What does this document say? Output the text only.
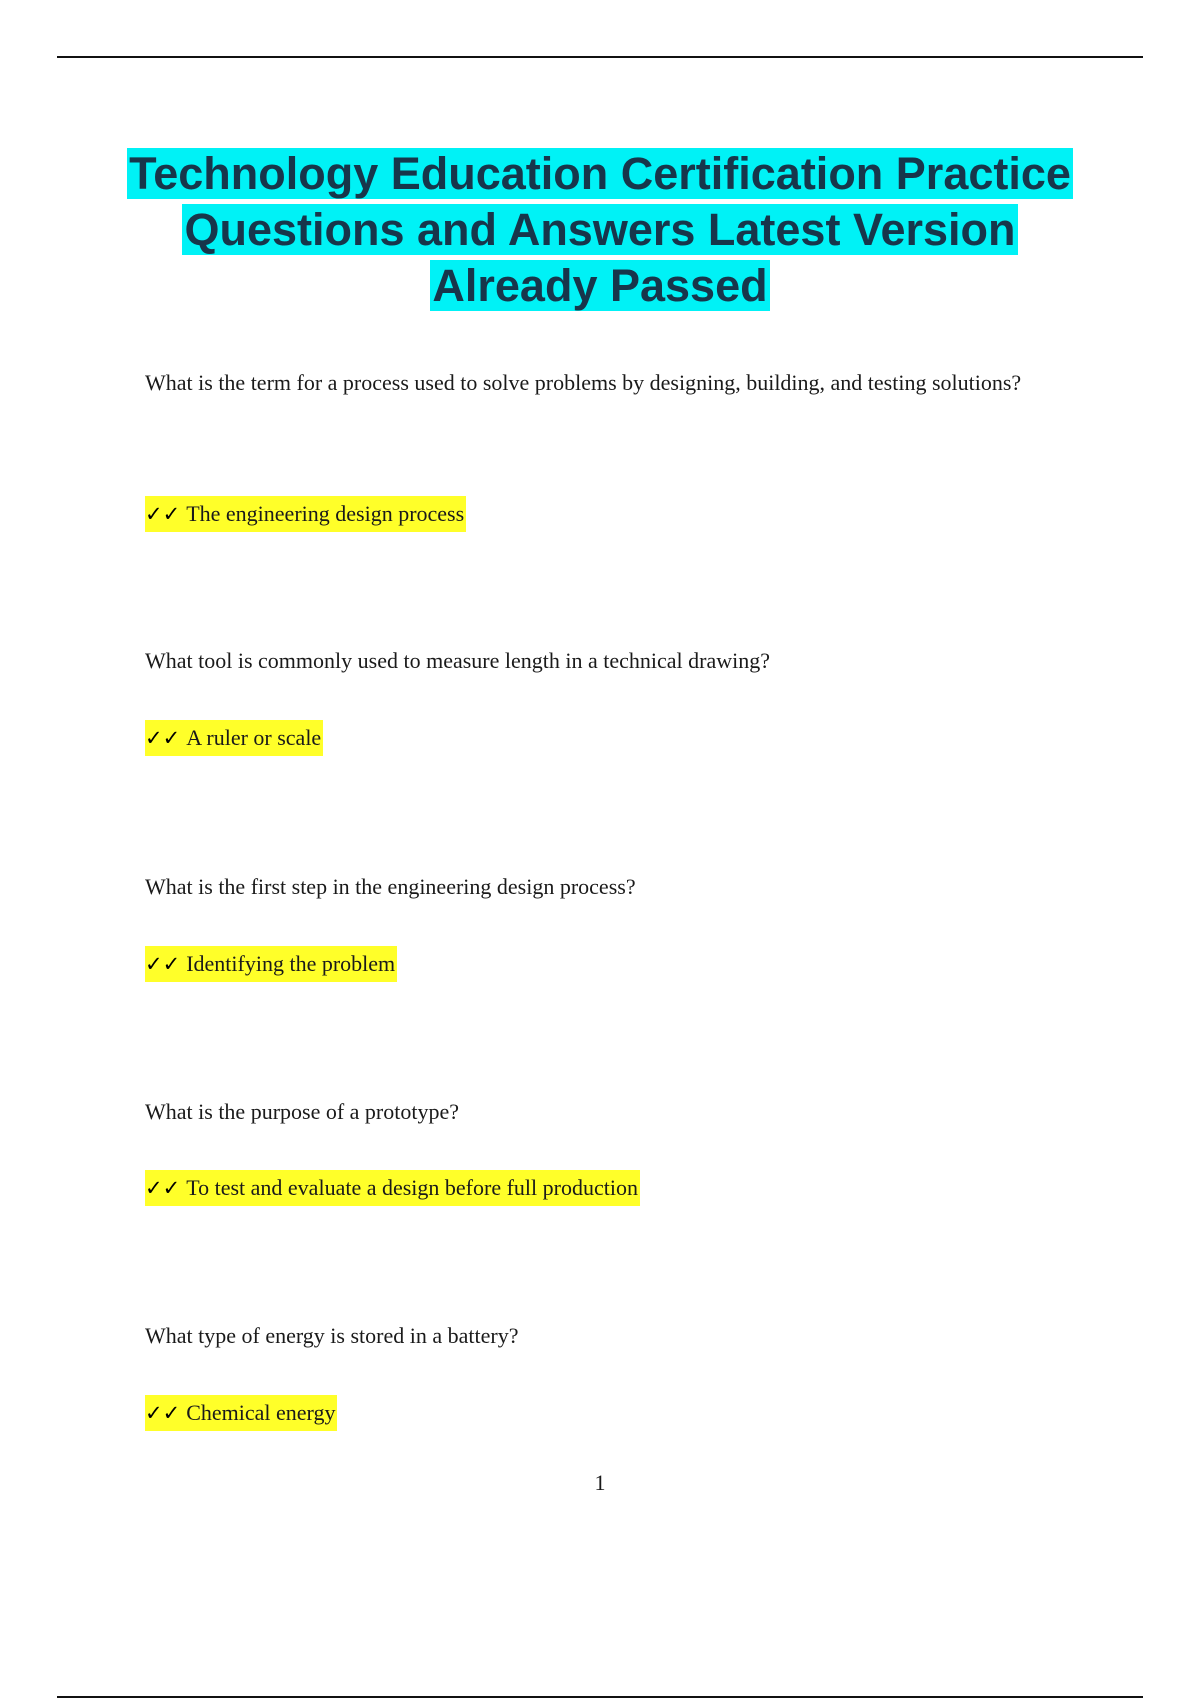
Technology Education Certification Practice Questions and Answers Latest Version Already Passed

What is the term for a process used to solve problems by designing, building, and testing solutions?

✓✓ The engineering design process

What tool is commonly used to measure length in a technical drawing?

✓✓ A ruler or scale

What is the first step in the engineering design process?

✓✓ Identifying the problem

What is the purpose of a prototype?

✓✓ To test and evaluate a design before full production

What type of energy is stored in a battery?

✓✓ Chemical energy

1
